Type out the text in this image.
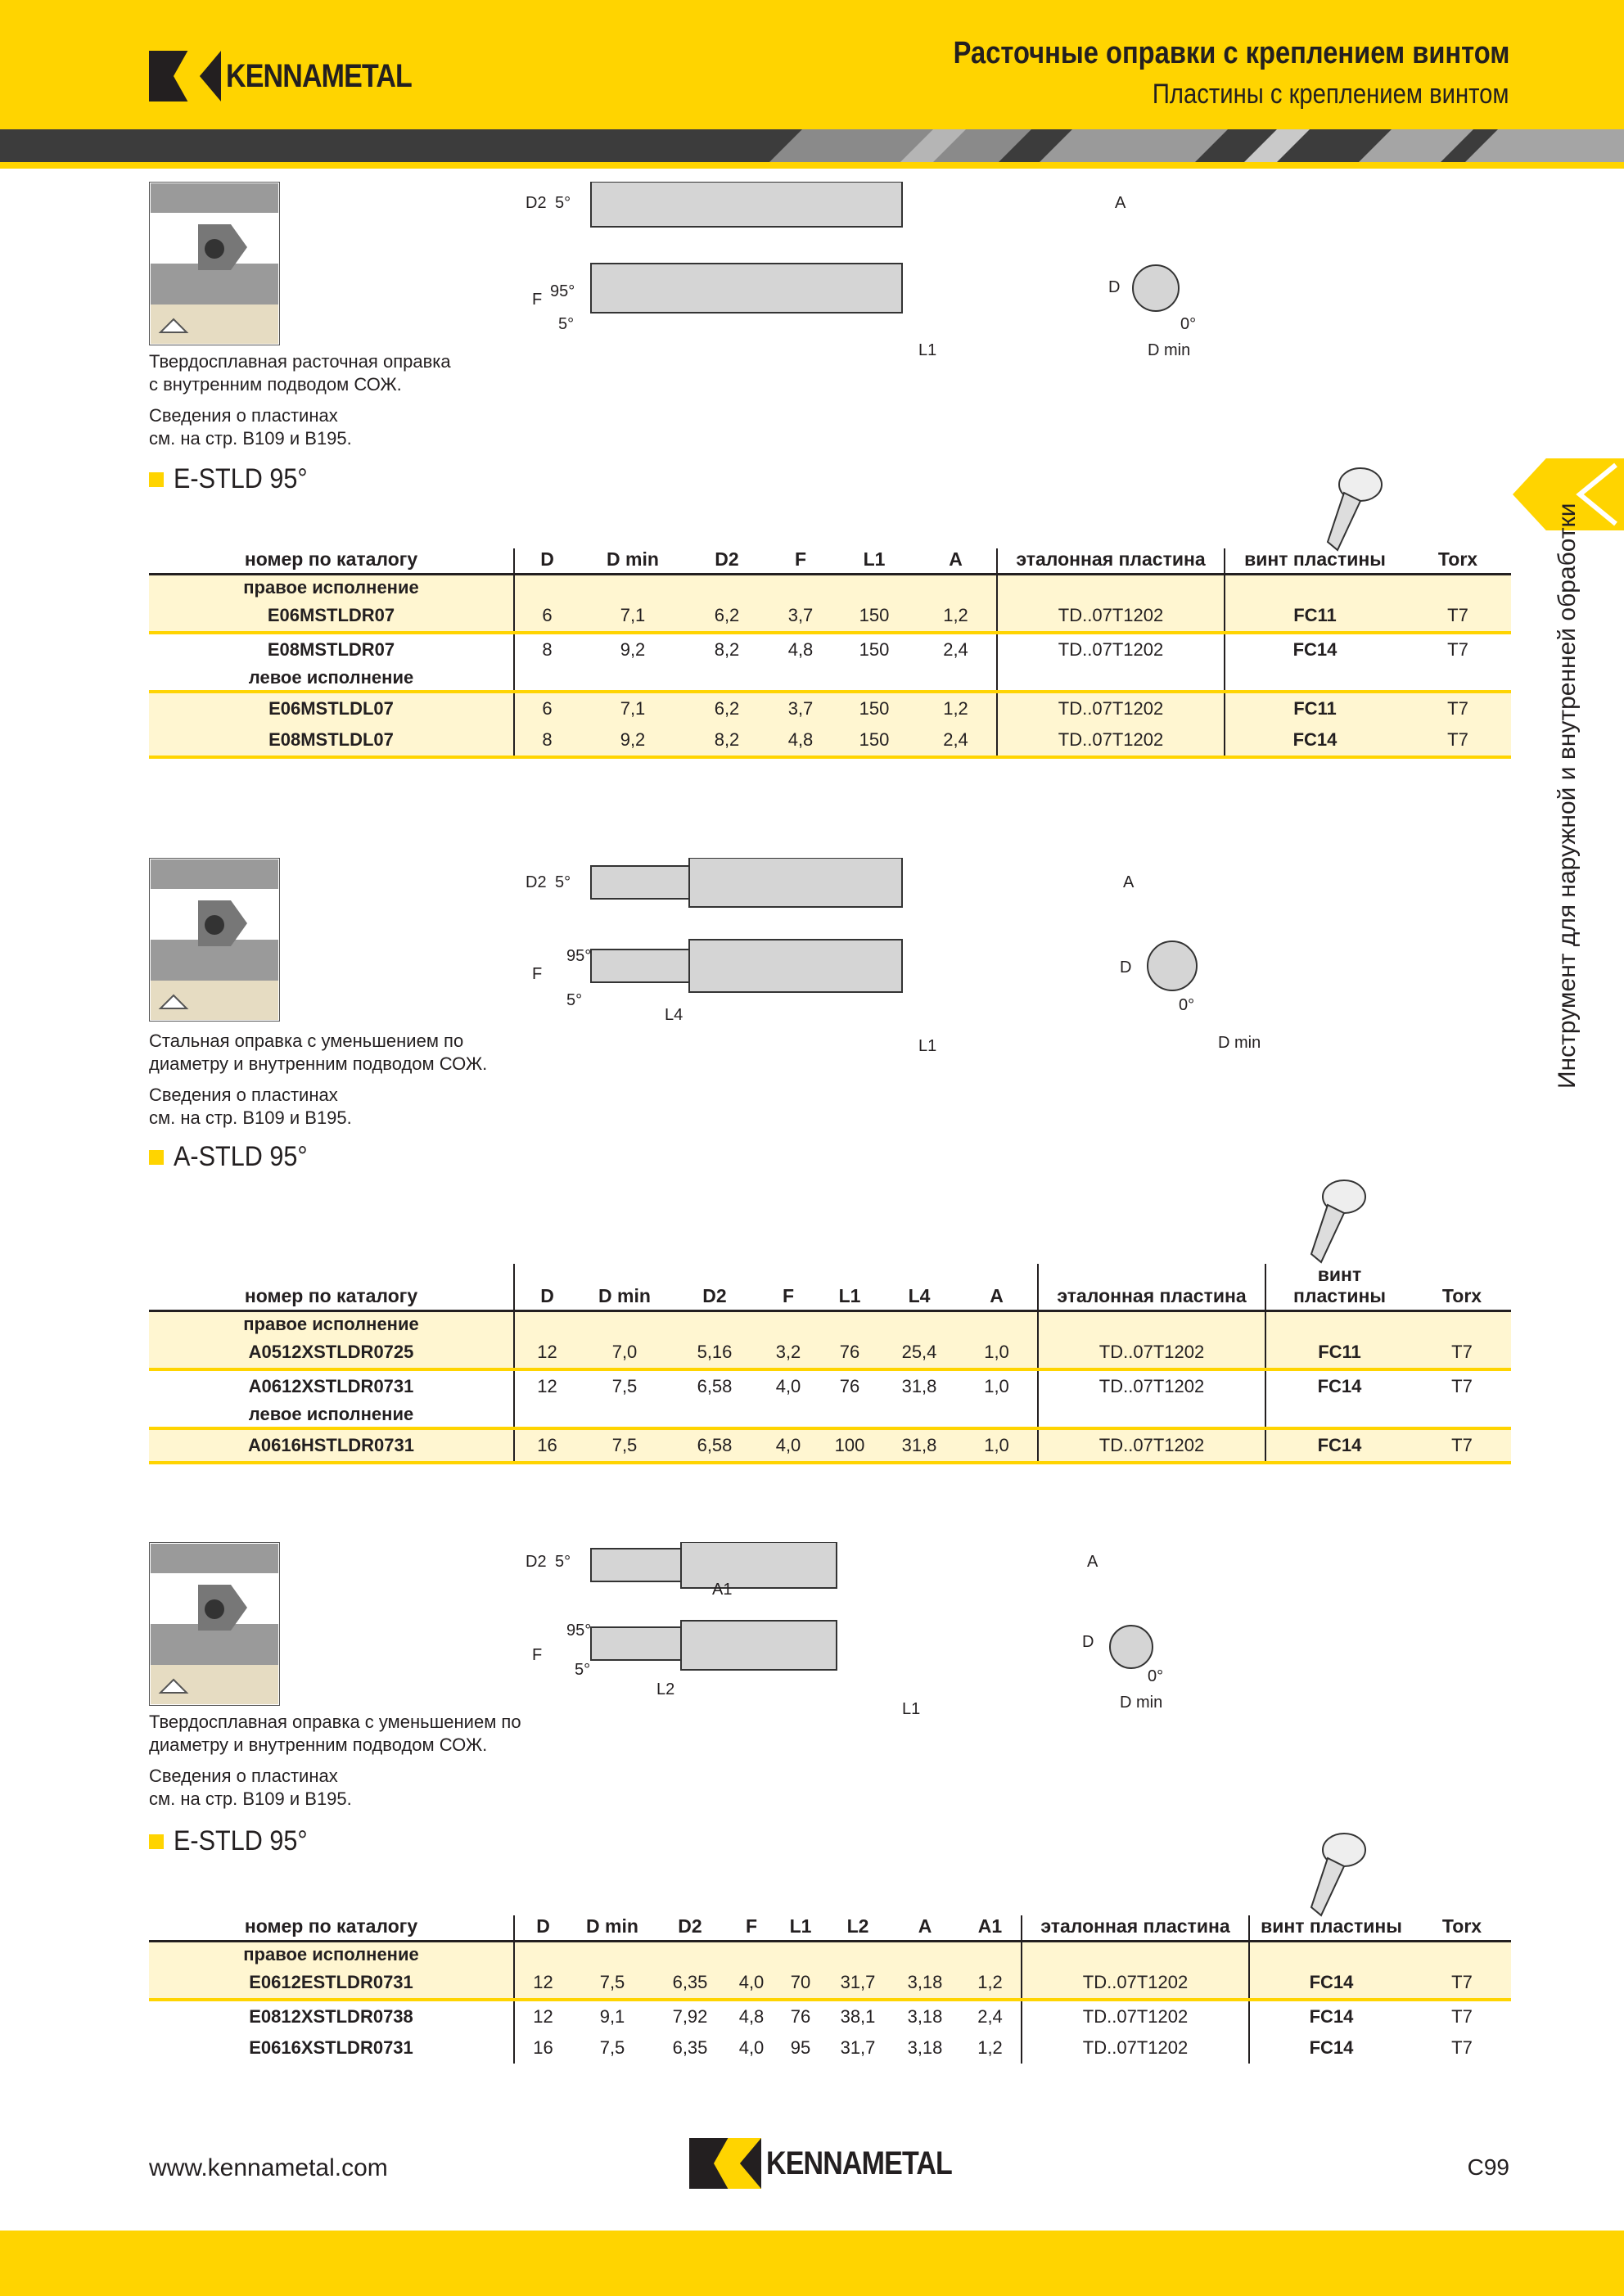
KENNAMETAL
Расточные оправки с креплением винтом
Пластины с креплением винтом
Инструмент для наружной и внутренней обработки

Твердосплавная расточная оправка

с внутренним подводом СОЖ.

Сведения о пластинах

см. на стр. B109 и B195.

D2 5°	A
F 95°
5°
D
0°
D min
L1
E-STLD 95°
номер по каталогу	D	D min	D2	F	L1	A	эталонная пластина	винт пластины	Torx
правое исполнение									
E06MSTLDR07	6	7,1	6,2	3,7	150	1,2	TD..07T1202	FC11	T7
E08MSTLDR07	8	9,2	8,2	4,8	150	2,4	TD..07T1202	FC14	T7
левое исполнение									
E06MSTLDL07	6	7,1	6,2	3,7	150	1,2	TD..07T1202	FC11	T7
E08MSTLDL07	8	9,2	8,2	4,8	150	2,4	TD..07T1202	FC14	T7

Стальная оправка с уменьшением по

диаметру и внутренним подводом СОЖ.

Сведения о пластинах

см. на стр. B109 и B195.

D2 5°	A
F
95°
5°
D
0°
D min
L4
L1
A-STLD 95°
номер по каталогу	D	D min	D2	F	L1	L4	A	эталонная пластина	винт пластины	Torx
правое исполнение										
A0512XSTLDR0725	12	7,0	5,16	3,2	76	25,4	1,0	TD..07T1202	FC11	T7
A0612XSTLDR0731	12	7,5	6,58	4,0	76	31,8	1,0	TD..07T1202	FC14	T7
левое исполнение										
A0616HSTLDR0731	16	7,5	6,58	4,0	100	31,8	1,0	TD..07T1202	FC14	T7

Твердосплавная оправка с уменьшением по

диаметру и внутренним подводом СОЖ.

Сведения о пластинах

см. на стр. B109 и B195.

D2 5°	A
A1
F
95°
5°
D
0°
D min
L2
L1
E-STLD 95°
номер по каталогу	D	D min	D2	F	L1	L2	A	A1	эталонная пластина	винт пластины	Torx
правое исполнение											
E0612ESTLDR0731	12	7,5	6,35	4,0	70	31,7	3,18	1,2	TD..07T1202	FC14	T7
E0812XSTLDR0738	12	9,1	7,92	4,8	76	38,1	3,18	2,4	TD..07T1202	FC14	T7
E0616XSTLDR0731	16	7,5	6,35	4,0	95	31,7	3,18	1,2	TD..07T1202	FC14	T7
www.kennametal.com	KENNAMETAL	C99
